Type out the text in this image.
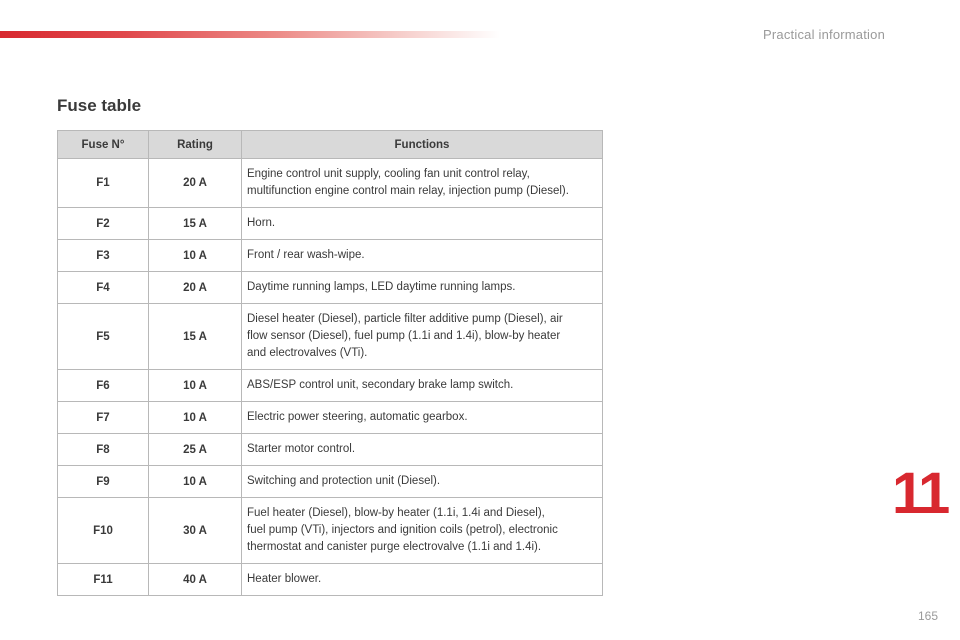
Practical information
Fuse table
Fuse N°	Rating	Functions
F1	20 A	Engine control unit supply, cooling fan unit control relay,
multifunction engine control main relay, injection pump (Diesel).

F2	15 A	Horn.

F3	10 A	Front / rear wash-wipe.

F4	20 A	Daytime running lamps, LED daytime running lamps.

F5	15 A	Diesel heater (Diesel), particle filter additive pump (Diesel), air
flow sensor (Diesel), fuel pump (1.1i and 1.4i), blow-by heater
and electrovalves (VTi).

F6	10 A	ABS/ESP control unit, secondary brake lamp switch.

F7	10 A	Electric power steering, automatic gearbox.

F8	25 A	Starter motor control.

F9	10 A	Switching and protection unit (Diesel).

F10	30 A	Fuel heater (Diesel), blow-by heater (1.1i, 1.4i and Diesel),
fuel pump (VTi), injectors and ignition coils (petrol), electronic
thermostat and canister purge electrovalve (1.1i and 1.4i).

F11	40 A	Heater blower.
11
165
